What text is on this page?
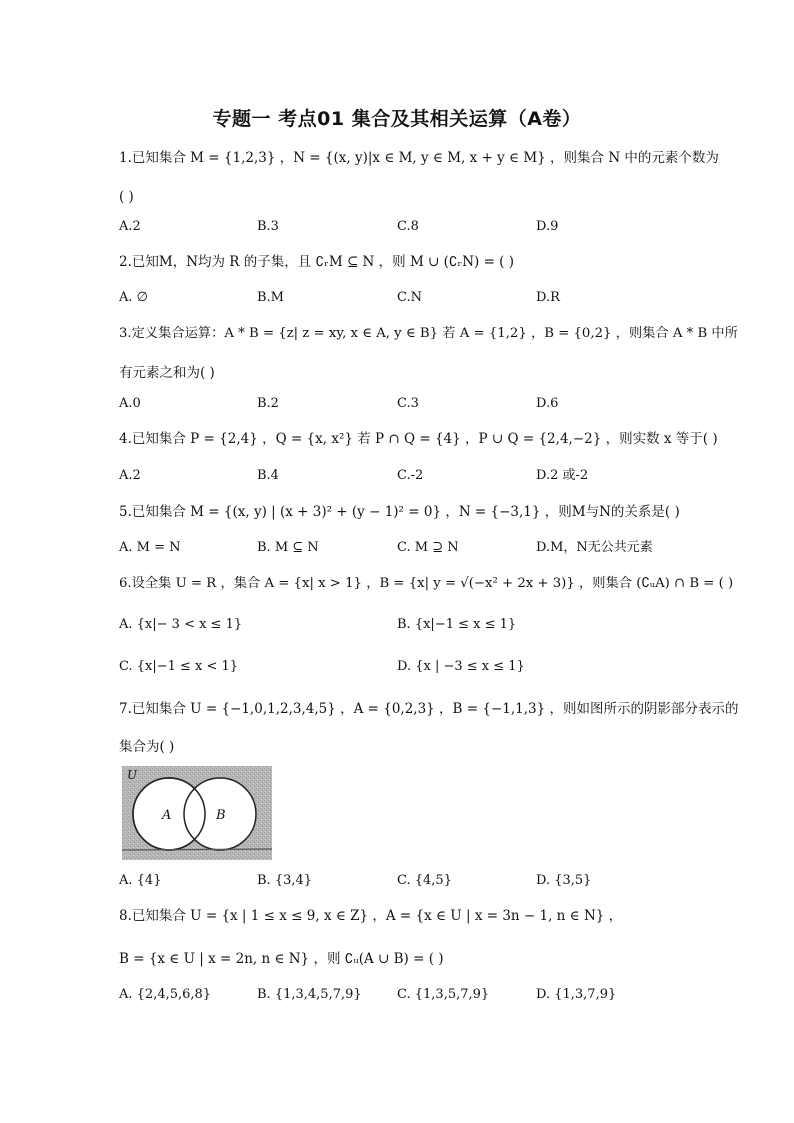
专题一 考点01 集合及其相关运算（A卷）
1.已知集合 M = {1,2,3} ，N = {(x, y)|x ∈ M, y ∈ M, x + y ∈ M} ，则集合 N 中的元素个数为
( )
A.2	B.3	C.8	D.9
2.已知M，N均为 R 的子集，且 ∁ᵣM ⊆ N ，则 M ∪ (∁ᵣN) = ( )
A. ∅	B.M	C.N	D.R
3.定义集合运算：A * B = {z| z = xy, x ∈ A, y ∈ B} 若 A = {1,2} ，B = {0,2} ，则集合 A * B 中所
有元素之和为( )
A.0	B.2	C.3	D.6
4.已知集合 P = {2,4} ，Q = {x, x²} 若 P ∩ Q = {4} ，P ∪ Q = {2,4,−2} ，则实数 x 等于( )
A.2	B.4	C.-2	D.2 或-2
5.已知集合 M = {(x, y) | (x + 3)² + (y − 1)² = 0} ，N = {−3,1} ，则M与N的关系是( )
A. M = N	B. M ⊆ N	C. M ⊇ N	D.M，N无公共元素
6.设全集 U = R ，集合 A = {x| x > 1} ，B = {x| y = √(−x² + 2x + 3)} ，则集合 (∁ᵤA) ∩ B = ( )
A. {x|− 3 < x ≤ 1}	B. {x|−1 ≤ x ≤ 1}
C. {x|−1 ≤ x < 1}	D. {x | −3 ≤ x ≤ 1}
7.已知集合 U = {−1,0,1,2,3,4,5} ，A = {0,2,3} ，B = {−1,1,3} ，则如图所示的阴影部分表示的
集合为( )
U
A	B
A. {4}	B. {3,4}	C. {4,5}	D. {3,5}
8.已知集合 U = {x | 1 ≤ x ≤ 9, x ∈ Z} ，A = {x ∈ U | x = 3n − 1, n ∈ N} ，
B = {x ∈ U | x = 2n, n ∈ N} ，则 ∁ᵤ(A ∪ B) = ( )
A. {2,4,5,6,8}	B. {1,3,4,5,7,9}	C. {1,3,5,7,9}	D. {1,3,7,9}
